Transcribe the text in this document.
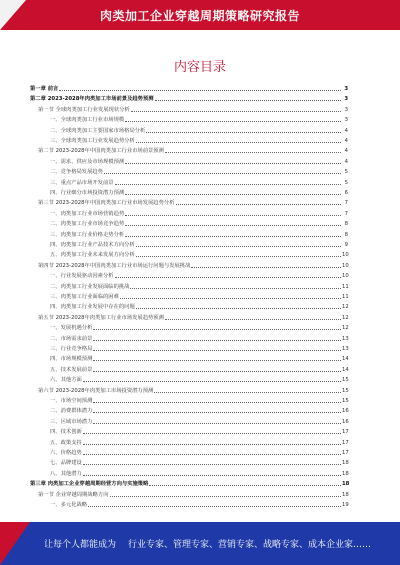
肉类加工企业穿越周期策略研究报告
内容目录
第一章 前言	3
第二章 2023-2028年肉类加工市场前景及趋势预测	3
第一节 全球肉类加工行业发展现状分析	3
一、全球肉类加工行业市场规模	3
二、全球肉类加工主要国家市场格局分析	4
三、全球肉类加工行业发展趋势分析	4
第二节 2023-2028年中国肉类加工行业市场前景预测	4
一、需求、供应及市场规模预测	4
二、竞争格局发展趋势	5
三、重点产品市场开发前景	5
四、行业细分市场投资潜力预测	6
第三节 2023-2028年中国肉类加工行业市场发展趋势分析	7
一、肉类加工行业市场营销趋势	7
二、肉类加工行业市场竞争趋势	8
三、肉类加工行业价格走势分析	8
四、肉类加工行业产品技术方向分析	9
五、肉类加工行业未来发展方向分析	10
第四节 2023-2028年中国肉类加工行业市场运行问题与发展挑战	10
一、行业发展驱动因素分析	10
二、肉类加工行业发展面临的挑战	11
三、肉类加工行业面临的困难	11
四、肉类加工行业发展中存在的问题	12
第五节 2023-2028年肉类加工行业市场发展趋势预测	12
一、发展机遇分析	12
二、市场需求前景	13
三、行业竞争格局	13
四、市场规模预测	14
五、技术发展前景	14
六、其他方面	15
第六节 2023-2028年肉类加工市场投资潜力预测	15
一、市场空间预测	15
二、消费群体潜力	16
三、区域市场潜力	16
四、技术创新	17
五、政策支持	17
六、价格趋势	17
七、品牌建设	18
八、其他潜力	18
第三章 肉类加工企业穿越周期经营方向与实施策略	18
第一节 企业穿越周期战略方向	18
一、多元化战略	19
让每个人都能成为 行业专家、管理专家、营销专家、战略专家、成本企业家……
